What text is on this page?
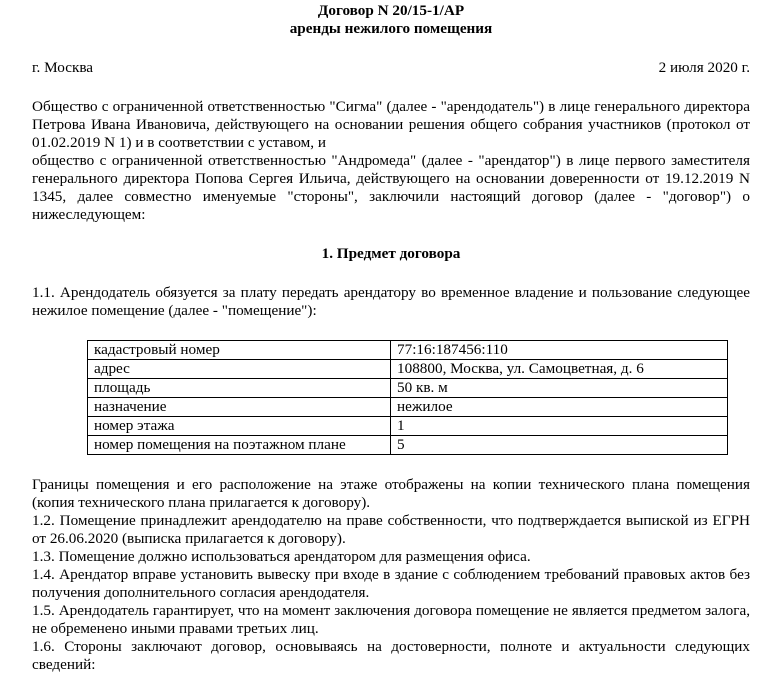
Договор N 20/15-1/АР

аренды нежилого помещения

г. Москва	2 июля 2020 г.

Общество с ограниченной ответственностью "Сигма" (далее - "арендодатель") в лице генерального директора Петрова Ивана Ивановича, действующего на основании решения общего собрания участников (протокол от 01.02.2019 N 1) и в соответствии с уставом, и

общество с ограниченной ответственностью "Андромеда" (далее - "арендатор") в лице первого заместителя генерального директора Попова Сергея Ильича, действующего на основании доверенности от 19.12.2019 N 1345, далее совместно именуемые "стороны", заключили настоящий договор (далее - "договор") о нижеследующем:

1. Предмет договора

1.1. Арендодатель обязуется за плату передать арендатору во временное владение и пользование следующее нежилое помещение (далее - "помещение"):

кадастровый номер	77:16:187456:110
адрес	108800, Москва, ул. Самоцветная, д. 6
площадь	50 кв. м
назначение	нежилое
номер этажа	1
номер помещения на поэтажном плане	5

Границы помещения и его расположение на этаже отображены на копии технического плана помещения (копия технического плана прилагается к договору).

1.2. Помещение принадлежит арендодателю на праве собственности, что подтверждается выпиской из ЕГРН от 26.06.2020 (выписка прилагается к договору).

1.3. Помещение должно использоваться арендатором для размещения офиса.

1.4. Арендатор вправе установить вывеску при входе в здание с соблюдением требований правовых актов без получения дополнительного согласия арендодателя.

1.5. Арендодатель гарантирует, что на момент заключения договора помещение не является предметом залога, не обременено иными правами третьих лиц.

1.6. Стороны заключают договор, основываясь на достоверности, полноте и актуальности следующих сведений:
